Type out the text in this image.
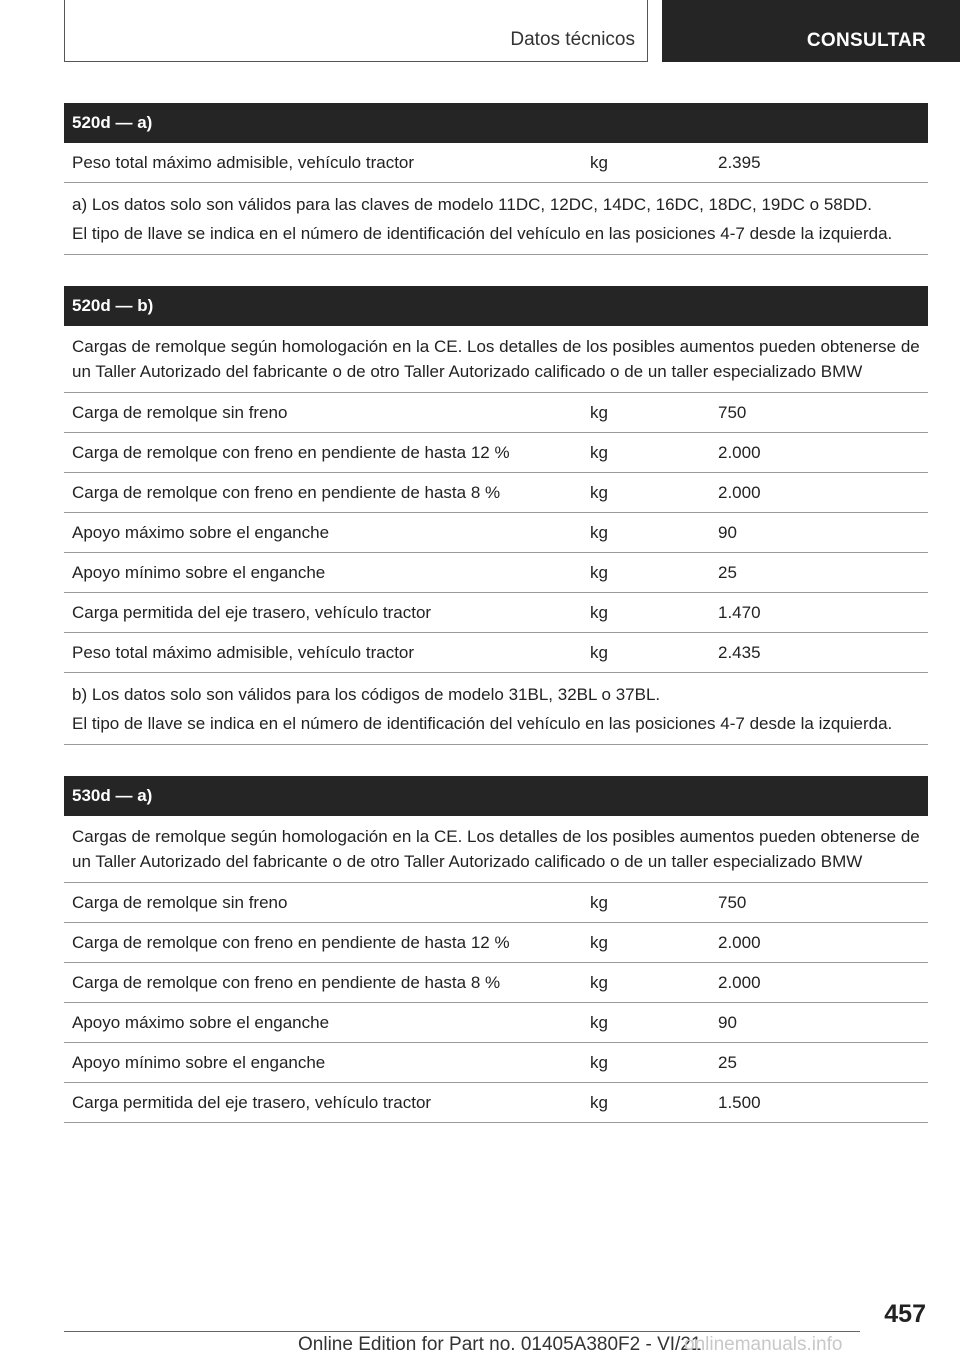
Datos técnicos	CONSULTAR
520d — a)
Peso total máximo admisible, vehículo tractor	kg	2.395

a) Los datos solo son válidos para las claves de modelo 11DC, 12DC, 14DC, 16DC, 18DC, 19DC o 58DD.

El tipo de llave se indica en el número de identificación del vehículo en las posiciones 4-7 desde la izquierda.

520d — b)
Cargas de remolque según homologación en la CE. Los detalles de los posibles aumentos pueden obtenerse de un Taller Autorizado del fabricante o de otro Taller Autorizado calificado o de un taller especializado BMW
Carga de remolque sin freno	kg	750
Carga de remolque con freno en pendiente de hasta 12 %	kg	2.000
Carga de remolque con freno en pendiente de hasta 8 %	kg	2.000
Apoyo máximo sobre el enganche	kg	90
Apoyo mínimo sobre el enganche	kg	25
Carga permitida del eje trasero, vehículo tractor	kg	1.470
Peso total máximo admisible, vehículo tractor	kg	2.435

b) Los datos solo son válidos para los códigos de modelo 31BL, 32BL o 37BL.

El tipo de llave se indica en el número de identificación del vehículo en las posiciones 4-7 desde la izquierda.

530d — a)
Cargas de remolque según homologación en la CE. Los detalles de los posibles aumentos pueden obtenerse de un Taller Autorizado del fabricante o de otro Taller Autorizado calificado o de un taller especializado BMW
Carga de remolque sin freno	kg	750
Carga de remolque con freno en pendiente de hasta 12 %	kg	2.000
Carga de remolque con freno en pendiente de hasta 8 %	kg	2.000
Apoyo máximo sobre el enganche	kg	90
Apoyo mínimo sobre el enganche	kg	25
Carga permitida del eje trasero, vehículo tractor	kg	1.500
457
Online Edition for Part no. 01405A380F2 - VI/21
onlinemanuals.info
